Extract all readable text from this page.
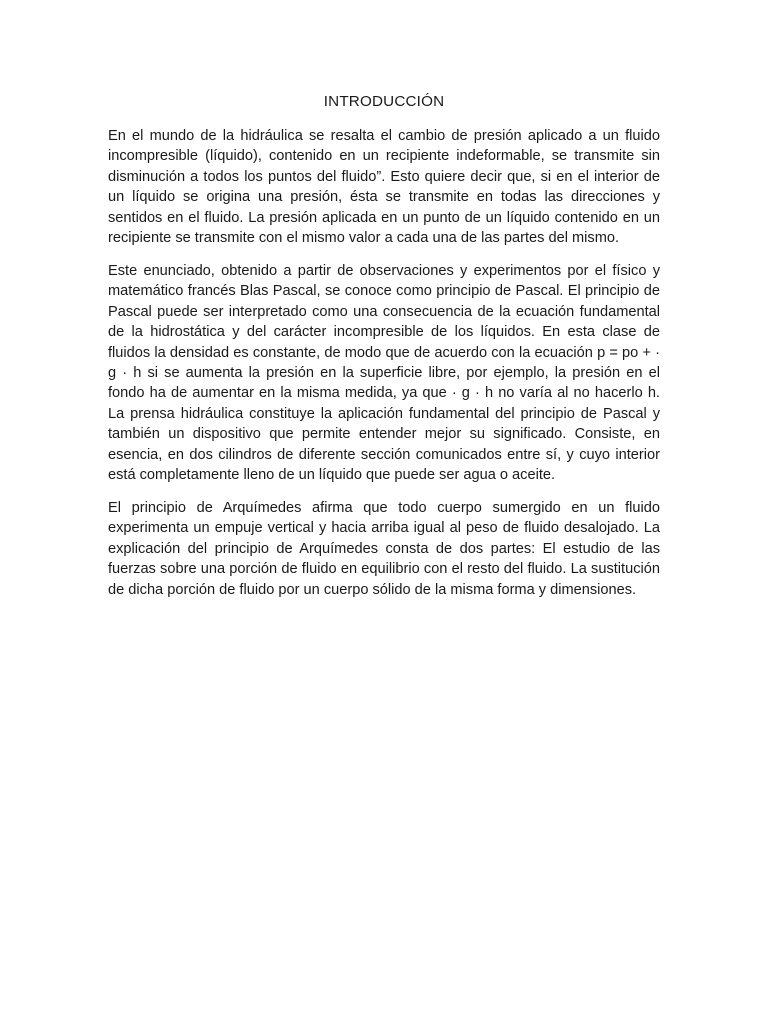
INTRODUCCIÓN

En el mundo de la hidráulica se resalta el cambio de presión aplicado a un fluido incompresible (líquido), contenido en un recipiente indeformable, se transmite sin disminución a todos los puntos del fluido”. Esto quiere decir que, si en el interior de un líquido se origina una presión, ésta se transmite en todas las direcciones y sentidos en el fluido. La presión aplicada en un punto de un líquido contenido en un recipiente se transmite con el mismo valor a cada una de las partes del mismo.

Este enunciado, obtenido a partir de observaciones y experimentos por el físico y matemático francés Blas Pascal, se conoce como principio de Pascal. El principio de Pascal puede ser interpretado como una consecuencia de la ecuación fundamental de la hidrostática y del carácter incompresible de los líquidos. En esta clase de fluidos la densidad es constante, de modo que de acuerdo con la ecuación p = po + · g · h si se aumenta la presión en la superficie libre, por ejemplo, la presión en el fondo ha de aumentar en la misma medida, ya que · g · h no varía al no hacerlo h. La prensa hidráulica constituye la aplicación fundamental del principio de Pascal y también un dispositivo que permite entender mejor su significado. Consiste, en esencia, en dos cilindros de diferente sección comunicados entre sí, y cuyo interior está completamente lleno de un líquido que puede ser agua o aceite.

El principio de Arquímedes afirma que todo cuerpo sumergido en un fluido experimenta un empuje vertical y hacia arriba igual al peso de fluido desalojado. La explicación del principio de Arquímedes consta de dos partes: El estudio de las fuerzas sobre una porción de fluido en equilibrio con el resto del fluido. La sustitución de dicha porción de fluido por un cuerpo sólido de la misma forma y dimensiones.
